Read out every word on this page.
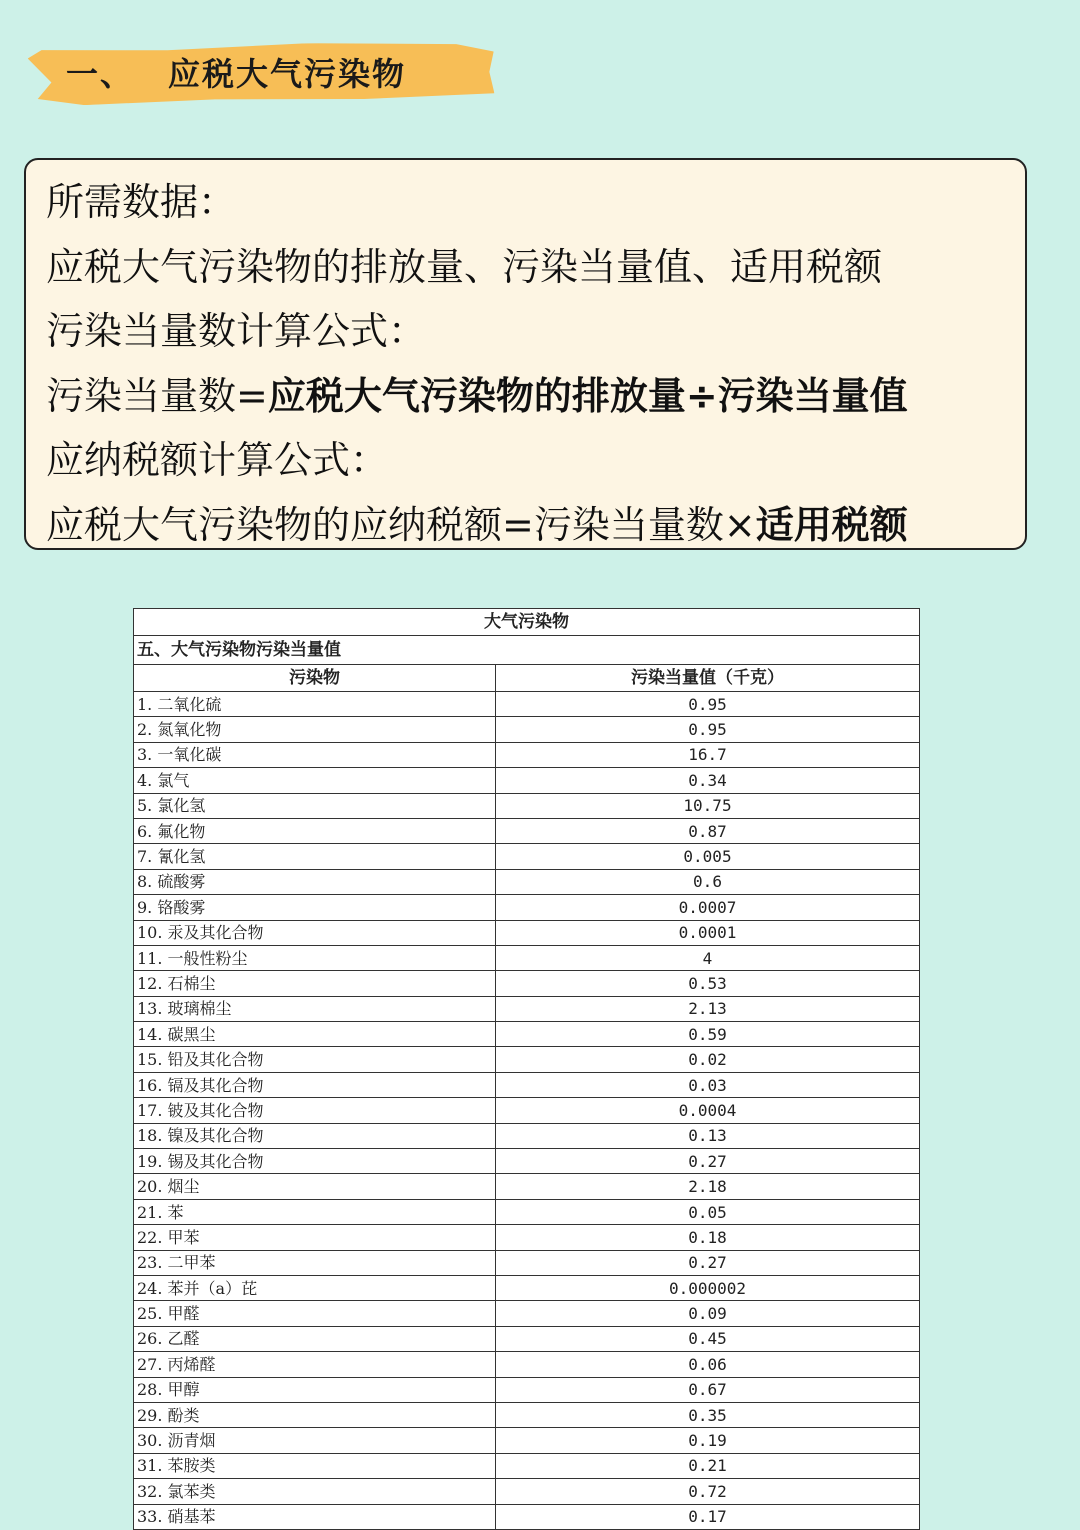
一、 应税大气污染物
所需数据：
应税大气污染物的排放量、污染当量值、适用税额
污染当量数计算公式：
污染当量数=应税大气污染物的排放量÷污染当量值
应纳税额计算公式：
应税大气污染物的应纳税额=污染当量数×适用税额
大气污染物	
五、大气污染物污染当量值	
污染物	污染当量值（千克）
1. 二氧化硫	0.95
2. 氮氧化物	0.95
3. 一氧化碳	16.7
4. 氯气	0.34
5. 氯化氢	10.75
6. 氟化物	0.87
7. 氰化氢	0.005
8. 硫酸雾	0.6
9. 铬酸雾	0.0007
10. 汞及其化合物	0.0001
11. 一般性粉尘	4
12. 石棉尘	0.53
13. 玻璃棉尘	2.13
14. 碳黑尘	0.59
15. 铅及其化合物	0.02
16. 镉及其化合物	0.03
17. 铍及其化合物	0.0004
18. 镍及其化合物	0.13
19. 锡及其化合物	0.27
20. 烟尘	2.18
21. 苯	0.05
22. 甲苯	0.18
23. 二甲苯	0.27
24. 苯并（a）芘	0.000002
25. 甲醛	0.09
26. 乙醛	0.45
27. 丙烯醛	0.06
28. 甲醇	0.67
29. 酚类	0.35
30. 沥青烟	0.19
31. 苯胺类	0.21
32. 氯苯类	0.72
33. 硝基苯	0.17
